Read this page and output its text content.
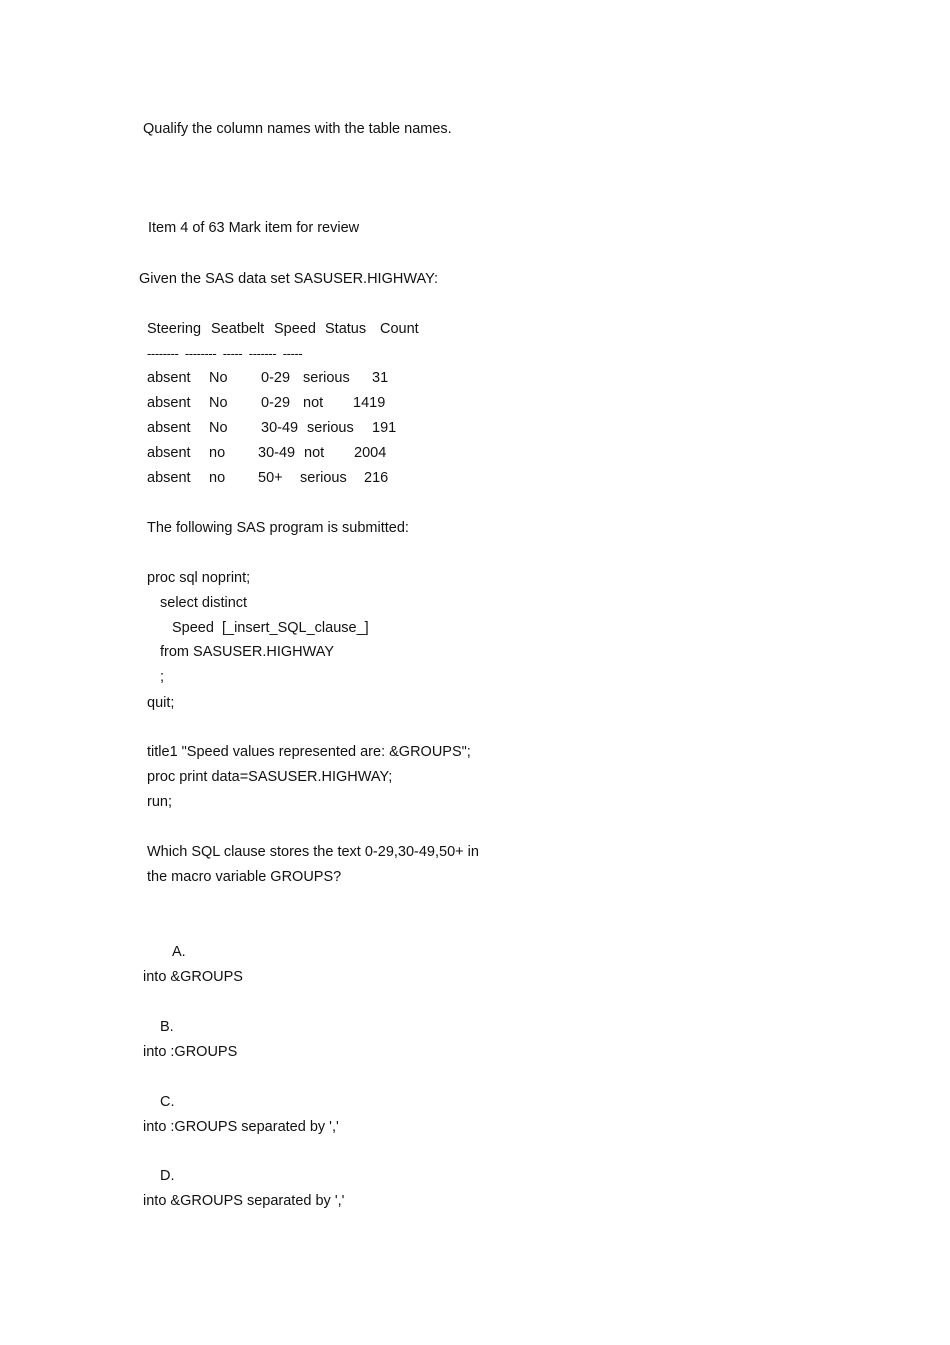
Qualify the column names with the table names.
Item 4 of 63 Mark item for review
Given the SAS data set SASUSER.HIGHWAY:
Steering Seatbelt Speed Status Count
--------  --------  -----  -------  -----
absent No 0-29 serious 31
absent No 0-29 not 1419
absent No 30-49 serious 191
absent no 30-49 not 2004
absent no 50+ serious 216
The following SAS program is submitted:
proc sql noprint;
select distinct
Speed  [_insert_SQL_clause_]
from SASUSER.HIGHWAY
;
quit;
title1 "Speed values represented are: &GROUPS";
proc print data=SASUSER.HIGHWAY;
run;
Which SQL clause stores the text 0-29,30-49,50+ in
the macro variable GROUPS?
A.
into &GROUPS
B.
into :GROUPS
C.
into :GROUPS separated by ','
D.
into &GROUPS separated by ','
